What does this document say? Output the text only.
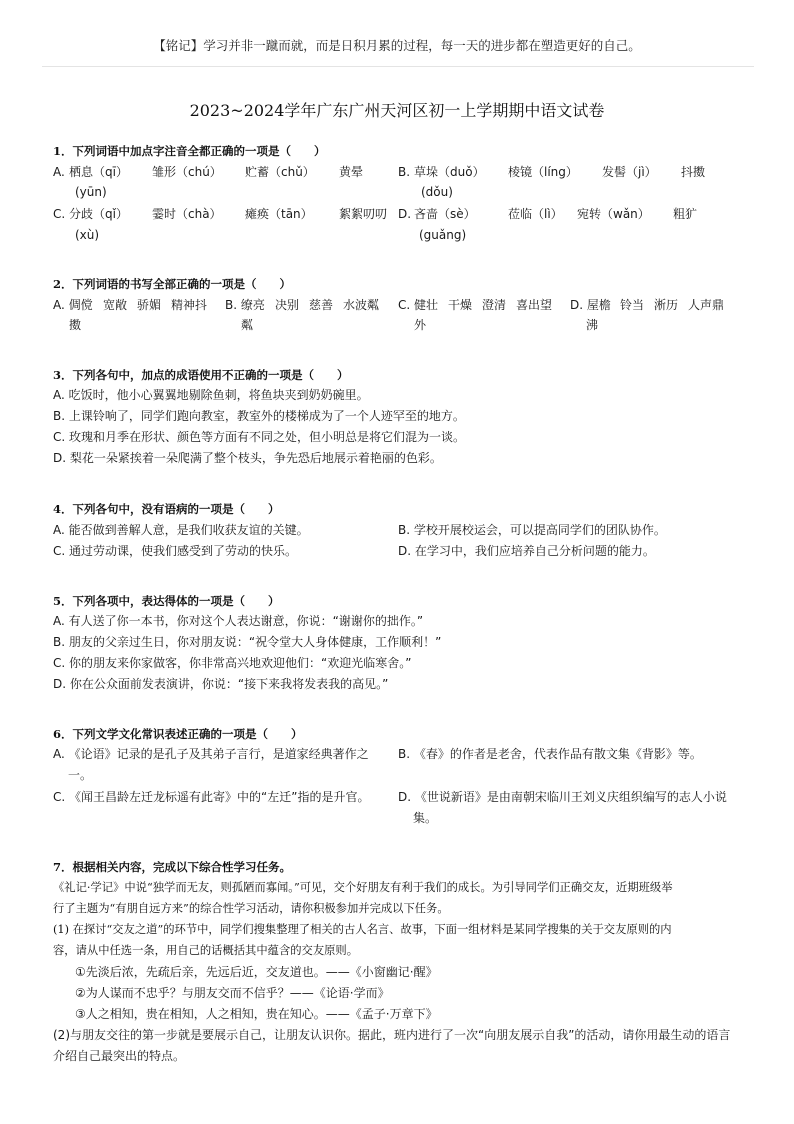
【铭记】学习并非一蹴而就，而是日积月累的过程，每一天的进步都在塑造更好的自己。
2023~2024学年广东广州天河区初一上学期期中语文试卷
1．下列词语中加点字注音全都正确的一项是（　　）
A. 栖息（qī） 雏形（chú） 贮蓄（chǔ） 黄晕	B. 草垛（duǒ） 棱镜（líng） 发髻（jì） 抖擞
(yūn)	(dǒu)
C. 分歧（qǐ） 霎时（chà） 瘫痪（tān） 絮絮叨叨 D. 吝啬（sè）	莅临（lì） 宛转（wǎn） 粗犷
(xù)	(guǎng)
2．下列词语的书写全部正确的一项是（　　）
A. 倜傥 宽敞 骄媚 精神抖 B. 缭亮 决别 慈善 水波粼 C. 健壮 干燥 澄清 喜出望 D. 屋檐 铃当 淅历 人声鼎
擞	粼	外	沸
3．下列各句中，加点的成语使用不正确的一项是（　　）
A. 吃饭时，他小心翼翼地剔除鱼刺，将鱼块夹到奶奶碗里。
B. 上课铃响了，同学们跑向教室，教室外的楼梯成为了一个人迹罕至的地方。
C. 玫瑰和月季在形状、颜色等方面有不同之处，但小明总是将它们混为一谈。
D. 梨花一朵紧挨着一朵爬满了整个枝头，争先恐后地展示着艳丽的色彩。
4．下列各句中，没有语病的一项是（　　）
A. 能否做到善解人意，是我们收获友谊的关键。	B. 学校开展校运会，可以提高同学们的团队协作。
C. 通过劳动课，使我们感受到了劳动的快乐。	D. 在学习中，我们应培养自己分析问题的能力。
5．下列各项中，表达得体的一项是（　　）
A. 有人送了你一本书，你对这个人表达谢意，你说：“谢谢你的拙作。”
B. 朋友的父亲过生日，你对朋友说：“祝令堂大人身体健康，工作顺利！”
C. 你的朋友来你家做客，你非常高兴地欢迎他们：“欢迎光临寒舍。”
D. 你在公众面前发表演讲，你说：“接下来我将发表我的高见。”
6．下列文学文化常识表述正确的一项是（　　）
A. 《论语》记录的是孔子及其弟子言行，是道家经典著作之
一。
B. 《春》的作者是老舍，代表作品有散文集《背影》等。
C. 《闻王昌龄左迁龙标遥有此寄》中的“左迁”指的是升官。 D. 《世说新语》是由南朝宋临川王刘义庆组织编写的志人小说
集。
7．根据相关内容，完成以下综合性学习任务。
《礼记·学记》中说“独学而无友，则孤陋而寡闻。”可见，交个好朋友有利于我们的成长。为引导同学们正确交友，近期班级举
行了主题为“有朋自远方来”的综合性学习活动，请你积极参加并完成以下任务。
(1) 在探讨“交友之道”的环节中，同学们搜集整理了相关的古人名言、故事，下面一组材料是某同学搜集的关于交友原则的内
容，请从中任选一条，用自己的话概括其中蕴含的交友原则。
①先淡后浓，先疏后亲，先远后近，交友道也。——《小窗幽记·醒》
②为人谋而不忠乎？与朋友交而不信乎？——《论语·学而》
③人之相知，贵在相知，人之相知，贵在知心。——《孟子·万章下》
(2)与朋友交往的第一步就是要展示自己，让朋友认识你。据此，班内进行了一次“向朋友展示自我”的活动，请你用最生动的语言
介绍自己最突出的特点。
